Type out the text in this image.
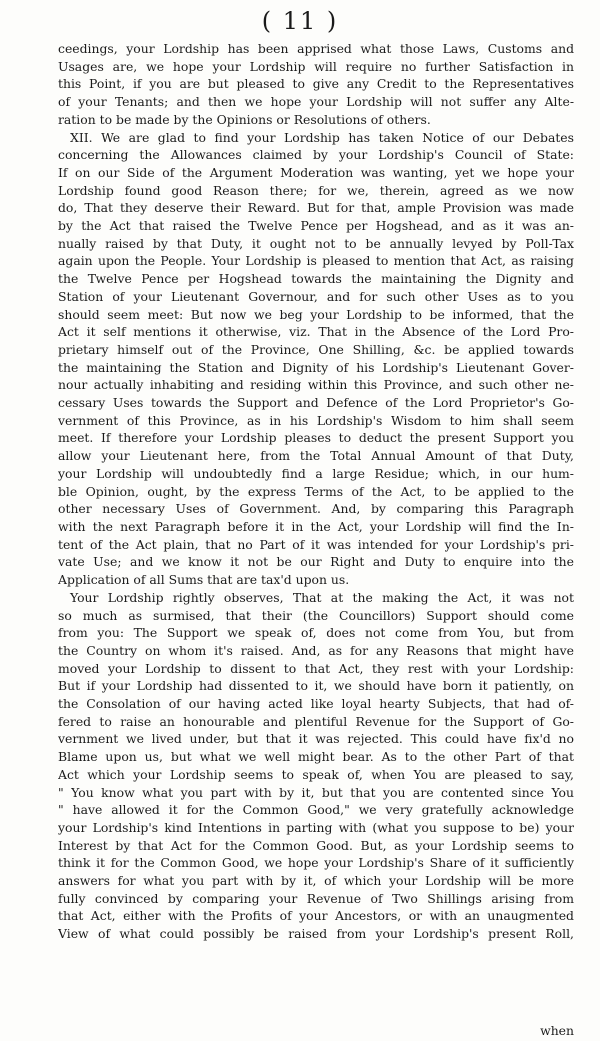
( 11 )
ceedings, your Lordship has been apprised what those Laws, Customs and
Usages are, we hope your Lordship will require no further Satisfaction in
this Point, if you are but pleased to give any Credit to the Representatives
of your Tenants; and then we hope your Lordship will not suffer any Alte-
ration to be made by the Opinions or Resolutions of others.
XII. We are glad to find your Lordship has taken Notice of our Debates
concerning the Allowances claimed by your Lordship's Council of State:
If on our Side of the Argument Moderation was wanting, yet we hope your
Lordship found good Reason there; for we, therein, agreed as we now
do, That they deserve their Reward. But for that, ample Provision was made
by the Act that raised the Twelve Pence per Hogshead, and as it was an-
nually raised by that Duty, it ought not to be annually levyed by Poll-Tax
again upon the People. Your Lordship is pleased to mention that Act, as raising
the Twelve Pence per Hogshead towards the maintaining the Dignity and
Station of your Lieutenant Governour, and for such other Uses as to you
should seem meet: But now we beg your Lordship to be informed, that the
Act it self mentions it otherwise, viz. That in the Absence of the Lord Pro-
prietary himself out of the Province, One Shilling, &c. be applied towards
the maintaining the Station and Dignity of his Lordship's Lieutenant Gover-
nour actually inhabiting and residing within this Province, and such other ne-
cessary Uses towards the Support and Defence of the Lord Proprietor's Go-
vernment of this Province, as in his Lordship's Wisdom to him shall seem
meet. If therefore your Lordship pleases to deduct the present Support you
allow your Lieutenant here, from the Total Annual Amount of that Duty,
your Lordship will undoubtedly find a large Residue; which, in our hum-
ble Opinion, ought, by the express Terms of the Act, to be applied to the
other necessary Uses of Government. And, by comparing this Paragraph
with the next Paragraph before it in the Act, your Lordship will find the In-
tent of the Act plain, that no Part of it was intended for your Lordship's pri-
vate Use; and we know it not be our Right and Duty to enquire into the
Application of all Sums that are tax'd upon us.
Your Lordship rightly observes, That at the making the Act, it was not
so much as surmised, that their (the Councillors) Support should come
from you: The Support we speak of, does not come from You, but from
the Country on whom it's raised. And, as for any Reasons that might have
moved your Lordship to dissent to that Act, they rest with your Lordship:
But if your Lordship had dissented to it, we should have born it patiently, on
the Consolation of our having acted like loyal hearty Subjects, that had of-
fered to raise an honourable and plentiful Revenue for the Support of Go-
vernment we lived under, but that it was rejected. This could have fix'd no
Blame upon us, but what we well might bear. As to the other Part of that
Act which your Lordship seems to speak of, when You are pleased to say,
" You know what you part with by it, but that you are contented since You
" have allowed it for the Common Good," we very gratefully acknowledge
your Lordship's kind Intentions in parting with (what you suppose to be) your
Interest by that Act for the Common Good. But, as your Lordship seems to
think it for the Common Good, we hope your Lordship's Share of it sufficiently
answers for what you part with by it, of which your Lordship will be more
fully convinced by comparing your Revenue of Two Shillings arising from
that Act, either with the Profits of your Ancestors, or with an unaugmented
View of what could possibly be raised from your Lordship's present Roll,
when
